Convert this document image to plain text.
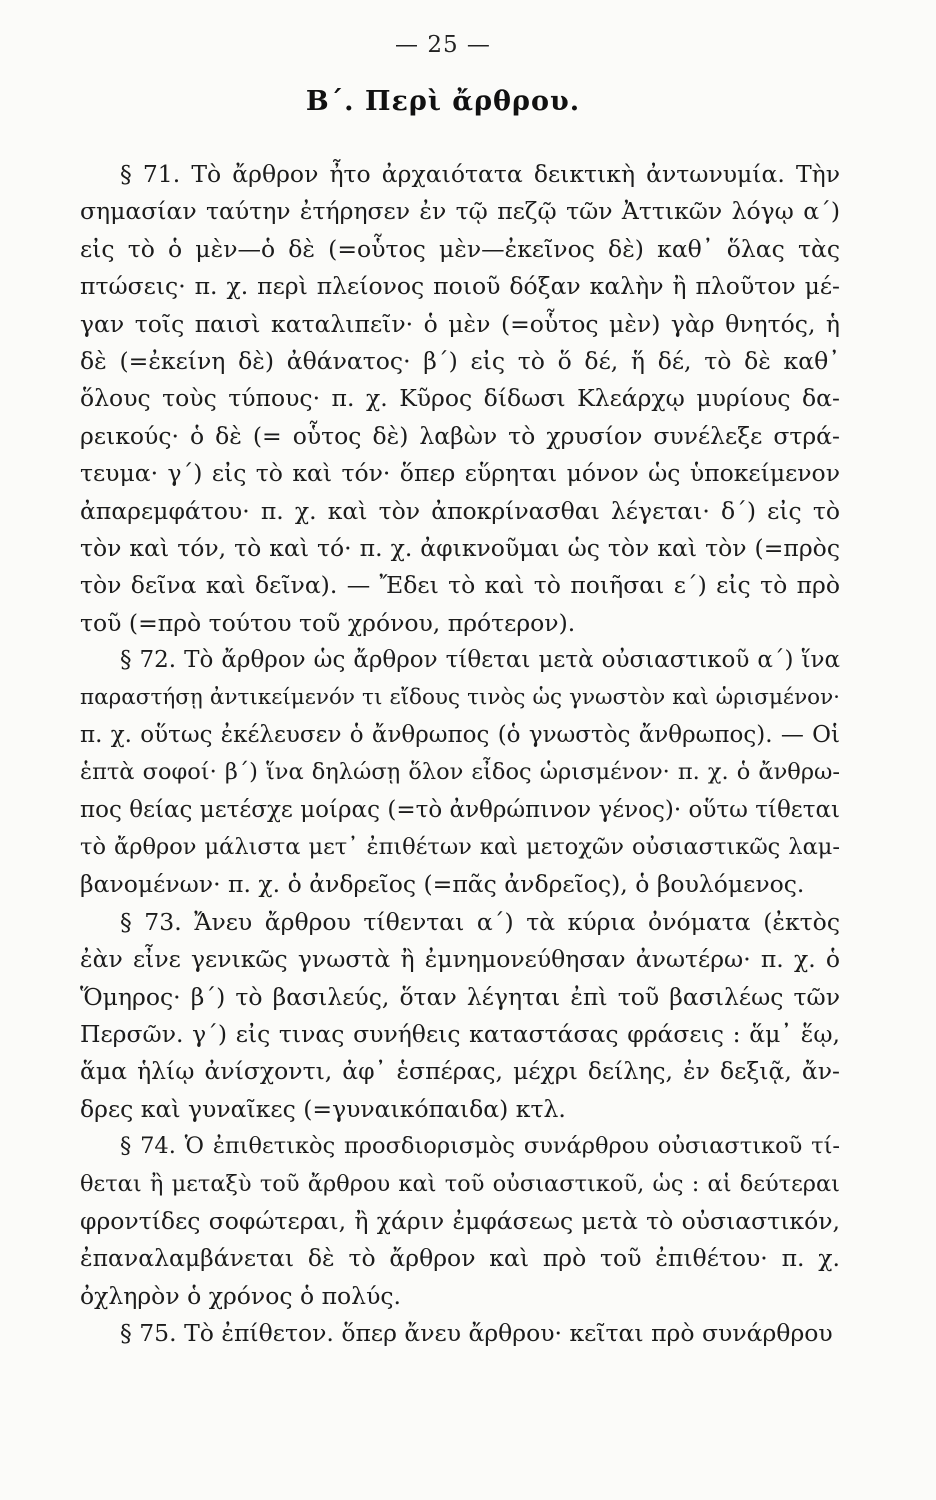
— 25 —
Β΄. Περὶ ἄρθρου.
§ 71. Τὸ ἄρθρον ἦτο ἀρχαιότατα δεικτικὴ ἀντωνυμία. Τὴν
σημασίαν ταύτην ἐτήρησεν ἐν τῷ πεζῷ τῶν Ἀττικῶν λόγῳ α΄)
εἰς τὸ ὁ μὲν—ὁ δὲ (=οὗτος μὲν—ἐκεῖνος δὲ) καθ᾽ ὅλας τὰς
πτώσεις· π. χ. περὶ πλείονος ποιοῦ δόξαν καλὴν ἢ πλοῦτον μέ-
γαν τοῖς παισὶ καταλιπεῖν· ὁ μὲν (=οὗτος μὲν) γὰρ θνητός, ἡ
δὲ (=ἐκείνη δὲ) ἀθάνατος· β΄) εἰς τὸ ὅ δέ, ἥ δέ, τὸ δὲ καθ᾽
ὅλους τοὺς τύπους· π. χ. Κῦρος δίδωσι Κλεάρχῳ μυρίους δα-
ρεικούς· ὁ δὲ (= οὗτος δὲ) λαβὼν τὸ χρυσίον συνέλεξε στρά-
τευμα· γ΄) εἰς τὸ καὶ τόν· ὅπερ εὕρηται μόνον ὡς ὑποκείμενον
ἀπαρεμφάτου· π. χ. καὶ τὸν ἀποκρίνασθαι λέγεται· δ΄) εἰς τὸ
τὸν καὶ τόν, τὸ καὶ τό· π. χ. ἀφικνοῦμαι ὡς τὸν καὶ τὸν (=πρὸς
τὸν δεῖνα καὶ δεῖνα). — Ἔδει τὸ καὶ τὸ ποιῆσαι ε΄) εἰς τὸ πρὸ
τοῦ (=πρὸ τούτου τοῦ χρόνου, πρότερον).
§ 72. Τὸ ἄρθρον ὡς ἄρθρον τίθεται μετὰ οὐσιαστικοῦ α΄) ἵνα
παραστήσῃ ἀντικείμενόν τι εἴδους τινὸς ὡς γνωστὸν καὶ ὡρισμένον·
π. χ. οὕτως ἐκέλευσεν ὁ ἄνθρωπος (ὁ γνωστὸς ἄνθρωπος). — Οἱ
ἑπτὰ σοφοί· β΄) ἵνα δηλώσῃ ὅλον εἶδος ὡρισμένον· π. χ. ὁ ἄνθρω-
πος θείας μετέσχε μοίρας (=τὸ ἀνθρώπινον γένος)· οὕτω τίθεται
τὸ ἄρθρον μάλιστα μετ᾽ ἐπιθέτων καὶ μετοχῶν οὐσιαστικῶς λαμ-
βανομένων· π. χ. ὁ ἀνδρεῖος (=πᾶς ἀνδρεῖος), ὁ βουλόμενος.
§ 73. Ἄνευ ἄρθρου τίθενται α΄) τὰ κύρια ὀνόματα (ἐκτὸς
ἐὰν εἶνε γενικῶς γνωστὰ ἢ ἐμνημονεύθησαν ἀνωτέρω· π. χ. ὁ
Ὅμηρος· β΄) τὸ βασιλεύς, ὅταν λέγηται ἐπὶ τοῦ βασιλέως τῶν
Περσῶν. γ΄) εἰς τινας συνήθεις καταστάσας φράσεις : ἅμ᾽ ἕῳ,
ἅμα ἡλίῳ ἀνίσχοντι, ἀφ᾽ ἑσπέρας, μέχρι δείλης, ἐν δεξιᾷ, ἄν-
δρες καὶ γυναῖκες (=γυναικόπαιδα) κτλ.
§ 74. Ὁ ἐπιθετικὸς προσδιορισμὸς συνάρθρου οὐσιαστικοῦ τί-
θεται ἢ μεταξὺ τοῦ ἄρθρου καὶ τοῦ οὐσιαστικοῦ, ὡς : αἱ δεύτεραι
φροντίδες σοφώτεραι, ἢ χάριν ἐμφάσεως μετὰ τὸ οὐσιαστικόν,
ἐπαναλαμβάνεται δὲ τὸ ἄρθρον καὶ πρὸ τοῦ ἐπιθέτου· π. χ.
ὀχληρὸν ὁ χρόνος ὁ πολύς.
§ 75. Τὸ ἐπίθετον. ὅπερ ἄνευ ἄρθρου· κεῖται πρὸ συνάρθρου
